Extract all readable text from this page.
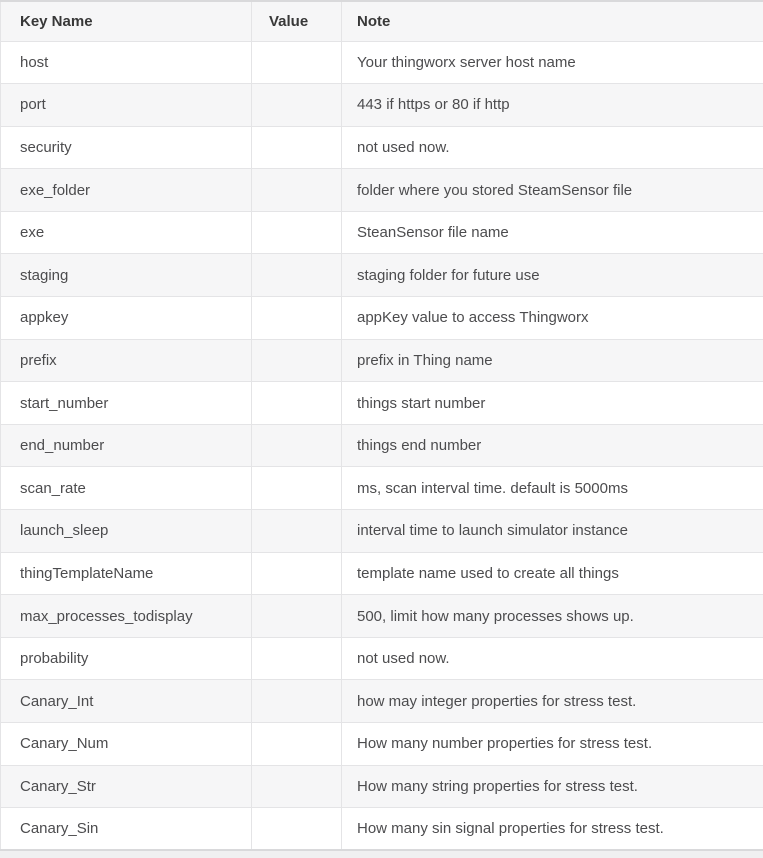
Key Name	Value	Note
host		Your thingworx server host name
port		443 if https or 80 if http
security		not used now.
exe_folder		folder where you stored SteamSensor file
exe		SteanSensor file name
staging		staging folder for future use
appkey		appKey value to access Thingworx
prefix		prefix in Thing name
start_number		things start number
end_number		things end number
scan_rate		ms, scan interval time. default is 5000ms
launch_sleep		interval time to launch simulator instance
thingTemplateName		template name used to create all things
max_processes_todisplay		500, limit how many processes shows up.
probability		not used now.
Canary_Int		how may integer properties for stress test.
Canary_Num		How many number properties for stress test.
Canary_Str		How many string properties for stress test.
Canary_Sin		How many sin signal properties for stress test.
